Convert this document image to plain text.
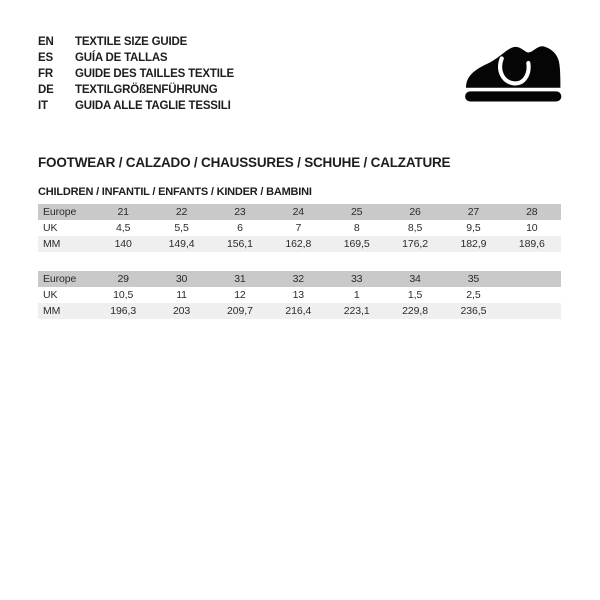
EN	TEXTILE SIZE GUIDE
ES	GUÍA DE TALLAS
FR	GUIDE DES TAILLES TEXTILE
DE	TEXTILGRÖßENFÜHRUNG
IT	GUIDA ALLE TAGLIE TESSILI
FOOTWEAR / CALZADO / CHAUSSURES / SCHUHE / CALZATURE
CHILDREN / INFANTIL / ENFANTS / KINDER / BAMBINI
Europe	21	22	23	24	25	26	27	28
UK	4,5	5,5	6	7	8	8,5	9,5	10
MM	140	149,4	156,1	162,8	169,5	176,2	182,9	189,6
Europe	29	30	31	32	33	34	35
UK	10,5	11	12	13	1	1,5	2,5
MM	196,3	203	209,7	216,4	223,1	229,8	236,5
